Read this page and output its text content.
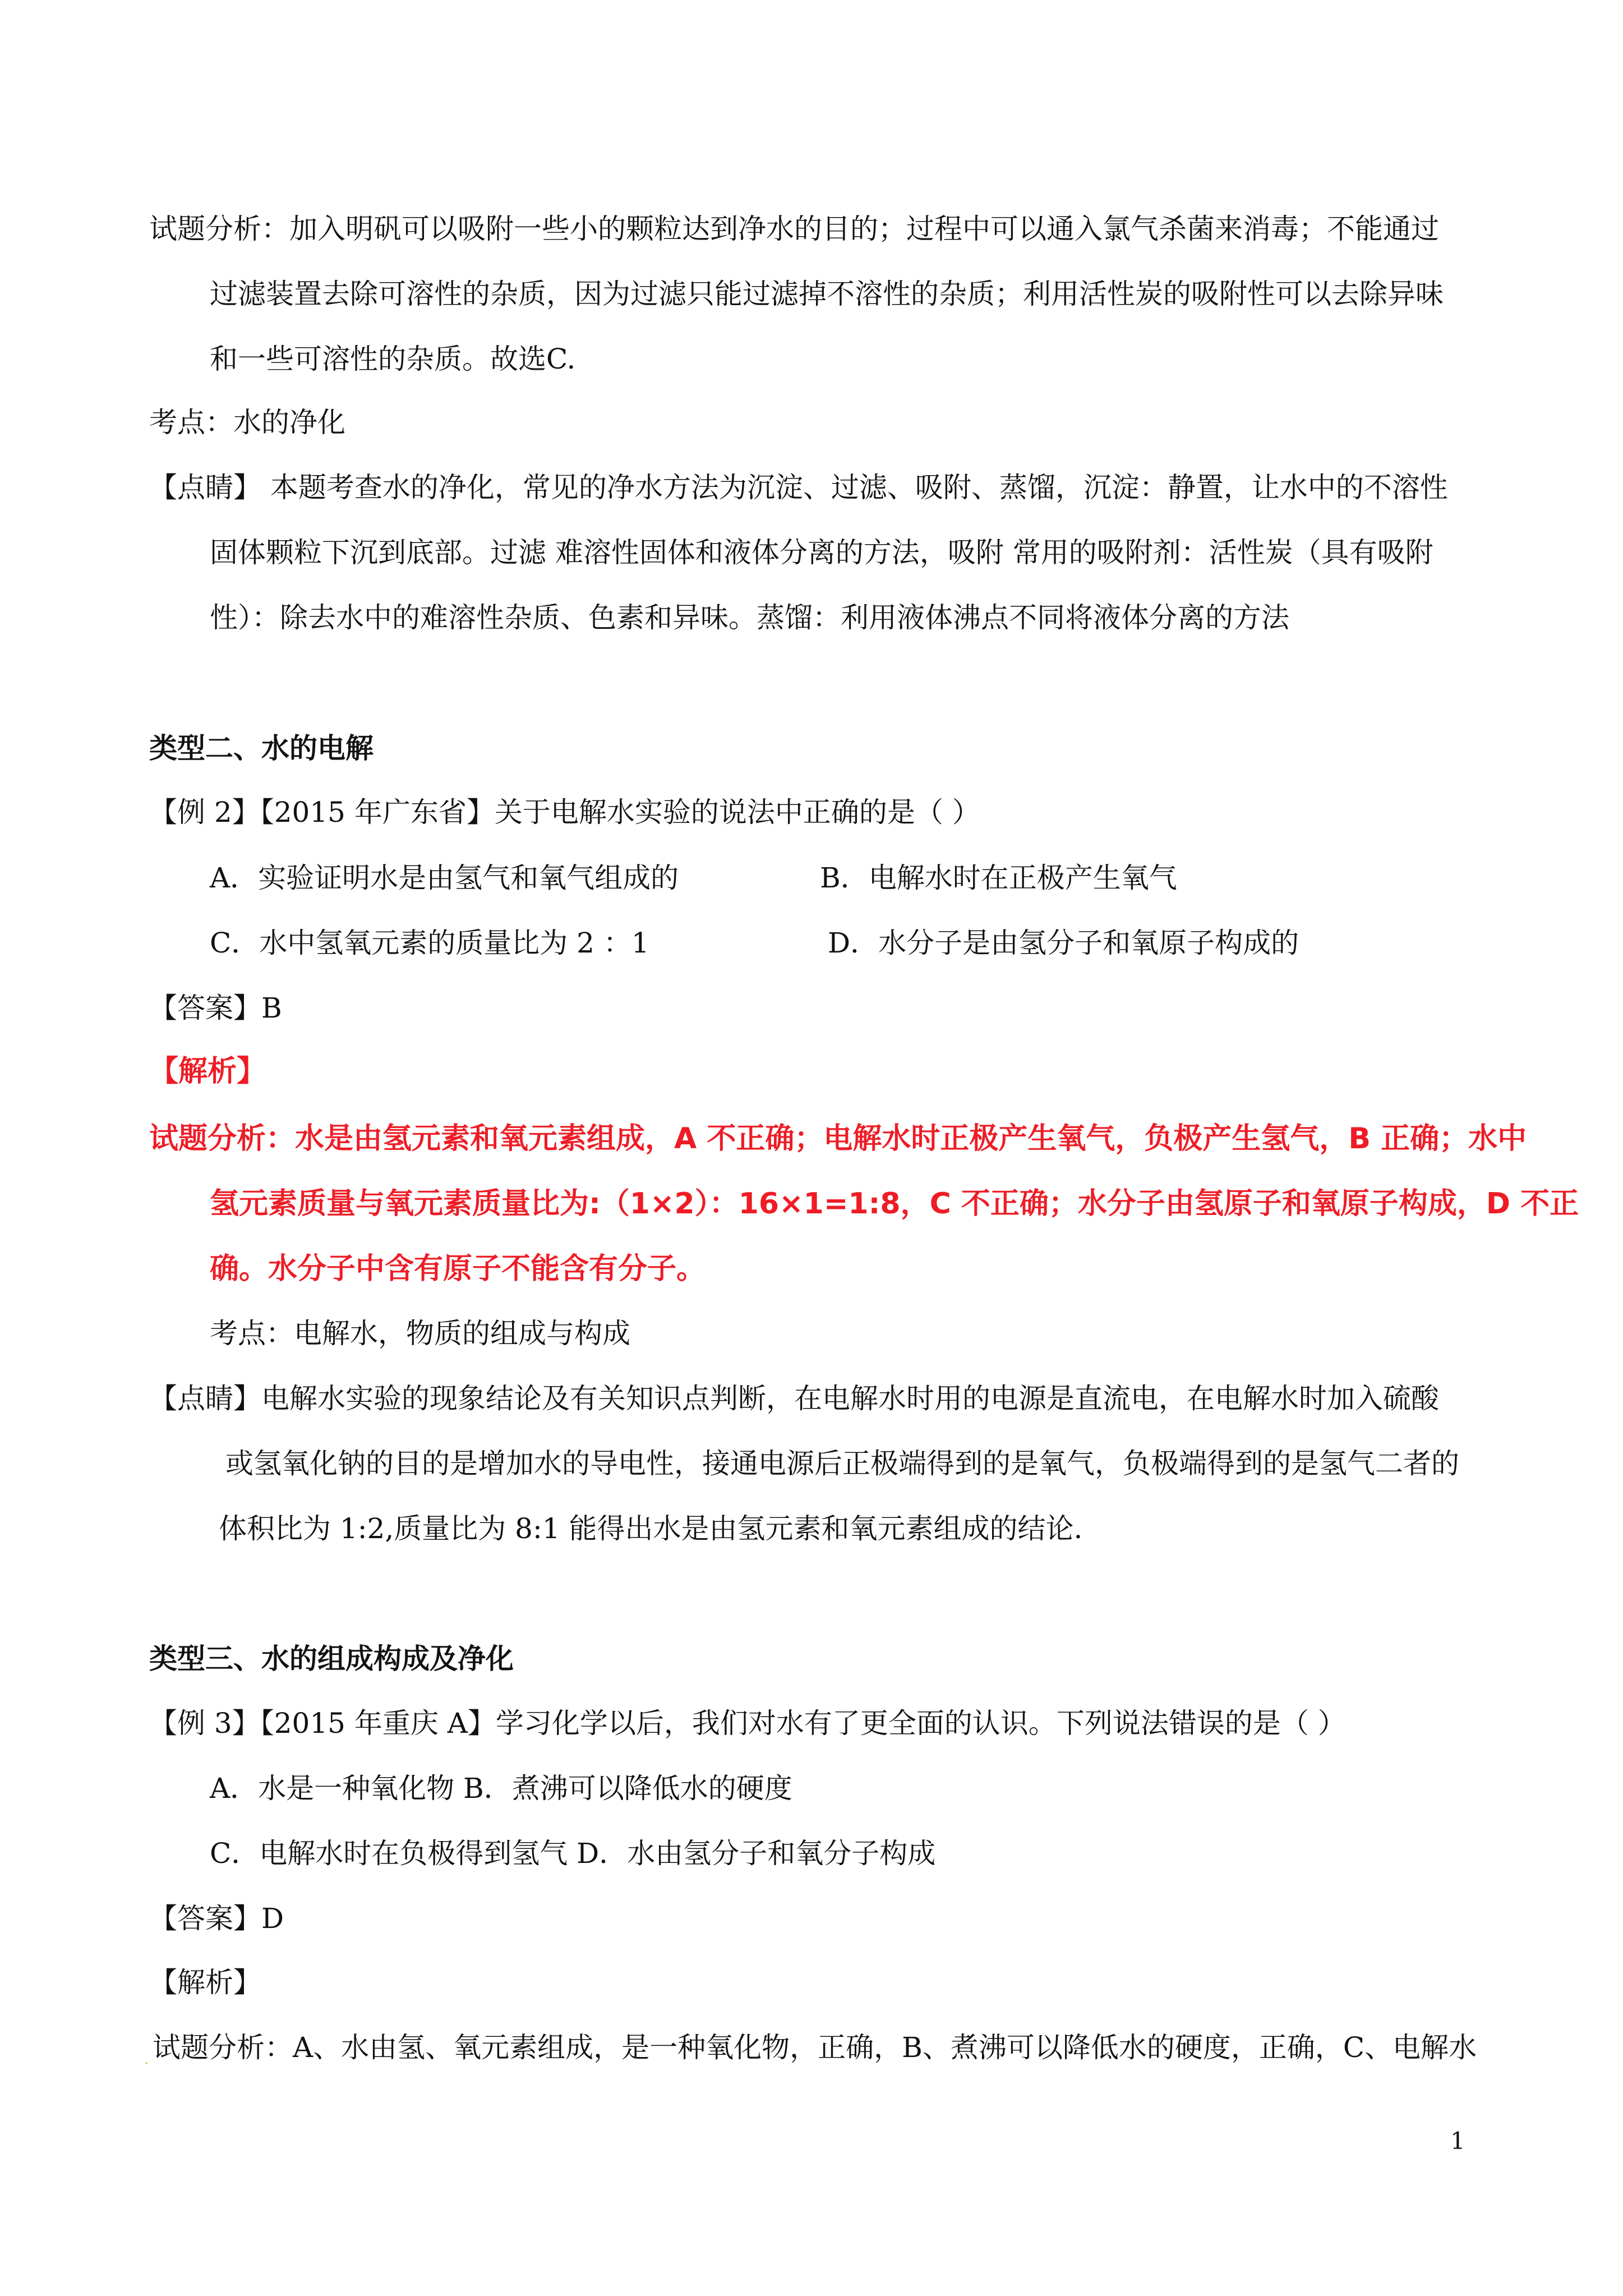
试题分析：加入明矾可以吸附一些小的颗粒达到净水的目的；过程中可以通入氯气杀菌来消毒；不能通过
过滤装置去除可溶性的杂质，因为过滤只能过滤掉不溶性的杂质；利用活性炭的吸附性可以去除异味
和一些可溶性的杂质。故选C.
考点：水的净化
【点睛】 本题考查水的净化，常见的净水方法为沉淀、过滤、吸附、蒸馏，沉淀：静置，让水中的不溶性
固体颗粒下沉到底部。过滤 难溶性固体和液体分离的方法，吸附 常用的吸附剂：活性炭（具有吸附
性）：除去水中的难溶性杂质、色素和异味。蒸馏：利用液体沸点不同将液体分离的方法
类型二、水的电解
【例 2】【2015 年广东省】关于电解水实验的说法中正确的是（ ）
A．实验证明水是由氢气和氧气组成的	B．电解水时在正极产生氧气
C．水中氢氧元素的质量比为 2 ：1	D．水分子是由氢分子和氧原子构成的
【答案】B
【解析】
试题分析：水是由氢元素和氧元素组成，A 不正确；电解水时正极产生氧气，负极产生氢气，B 正确；水中
氢元素质量与氧元素质量比为:（1×2）：16×1=1:8，C 不正确；水分子由氢原子和氧原子构成，D 不正
确。水分子中含有原子不能含有分子。
考点：电解水，物质的组成与构成
【点睛】电解水实验的现象结论及有关知识点判断，在电解水时用的电源是直流电，在电解水时加入硫酸
或氢氧化钠的目的是增加水的导电性，接通电源后正极端得到的是氧气，负极端得到的是氢气二者的
体积比为 1:2,质量比为 8:1 能得出水是由氢元素和氧元素组成的结论.
类型三、水的组成构成及净化
【例 3】【2015 年重庆 A】学习化学以后，我们对水有了更全面的认识。下列说法错误的是（ ）
A．水是一种氧化物 B．煮沸可以降低水的硬度
C．电解水时在负极得到氢气 D．水由氢分子和氧分子构成
【答案】D
【解析】
. 试题分析：A、水由氢、氧元素组成，是一种氧化物，正确，B、煮沸可以降低水的硬度，正确，C、电解水
1
